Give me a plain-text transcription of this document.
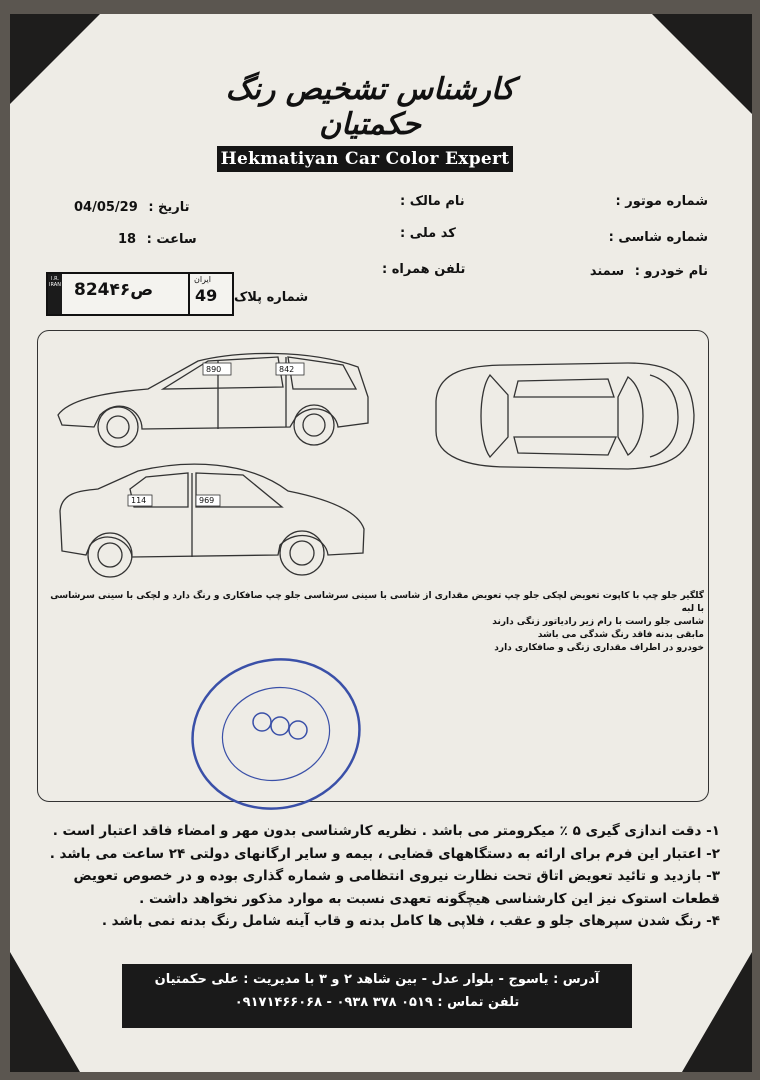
کارشناس تشخیص رنگ حکمتیان
Hekmatiyan Car Color Expert
تاریخ : 04/05/29
ساعت : 18
نام مالک :
کد ملی :
تلفن همراه :
شماره موتور :
شماره شاسی :
نام خودرو : سمند
I.R. IRAN 824ص۴۶
ایران
49 شماره پلاک
890	842
114	969
گلگیر جلو چپ با کاپوت تعویض لچکی جلو چپ تعویض مقداری از شاسی با سینی سرشاسی جلو چپ صافکاری و رنگ دارد و لچکی با سینی سرشاسی با لبه
شاسی جلو راست با رام زیر رادیاتور زنگی دارند
مابقی بدنه فاقد رنگ شدگی می باشد
خودرو در اطراف مقداری زنگی و صافکاری دارد
۱- دقت اندازی گیری ۵ ٪ میکرومتر می باشد . نظریه کارشناسی بدون مهر و امضاء فاقد اعتبار است .
۲- اعتبار این فرم برای ارائه به دستگاههای قضایی ، بیمه و سایر ارگانهای دولتی ۲۴ ساعت می باشد .
۳- بازدید و تائید تعویض اتاق تحت نظارت نیروی انتظامی و شماره گذاری بوده و در خصوص تعویض
قطعات استوک نیز این کارشناسی هیچگونه تعهدی نسبت به موارد مذکور نخواهد داشت .
۴- رنگ شدن سپرهای جلو و عقب ، فلاپی ها کامل بدنه و قاب آینه شامل رنگ بدنه نمی باشد .
آدرس : یاسوج - بلوار عدل - بین شاهد ۲ و ۳ با مدیریت : علی حکمتیان
تلفن تماس : ۰۵۱۹ ۳۷۸ ۰۹۳۸ - ۰۹۱۷۱۴۶۶۰۶۸
